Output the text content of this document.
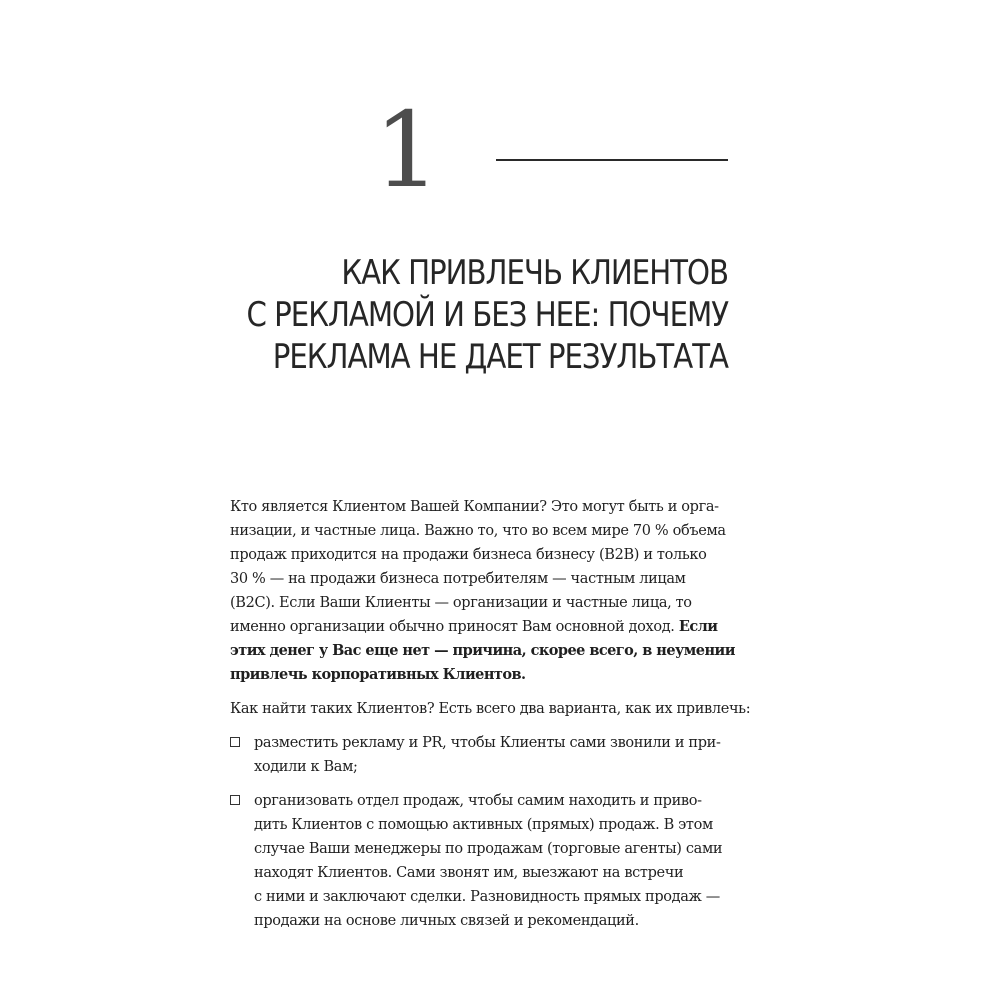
1
КАК ПРИВЛЕЧЬ КЛИЕНТОВ
С РЕКЛАМОЙ И БЕЗ НЕЕ: ПОЧЕМУ
РЕКЛАМА НЕ ДАЕТ РЕЗУЛЬТАТА

Кто является Клиентом Вашей Компании? Это могут быть и орга-
низации, и частные лица. Важно то, что во всем мире 70 % объема
продаж приходится на продажи бизнеса бизнесу (B2B) и только
30 % — на продажи бизнеса потребителям — частным лицам
(B2C). Если Ваши Клиенты — организации и частные лица, то
именно организации обычно приносят Вам основной доход. Если
этих денег у Вас еще нет — причина, скорее всего, в неумении
привлечь корпоративных Клиентов.

Как найти таких Клиентов? Есть всего два варианта, как их привлечь:

разместить рекламу и PR, чтобы Клиенты сами звонили и при-
ходили к Вам;
организовать отдел продаж, чтобы самим находить и приво-
дить Клиентов с помощью активных (прямых) продаж. В этом
случае Ваши менеджеры по продажам (торговые агенты) сами
находят Клиентов. Сами звонят им, выезжают на встречи
с ними и заключают сделки. Разновидность прямых продаж —
продажи на основе личных связей и рекомендаций.
